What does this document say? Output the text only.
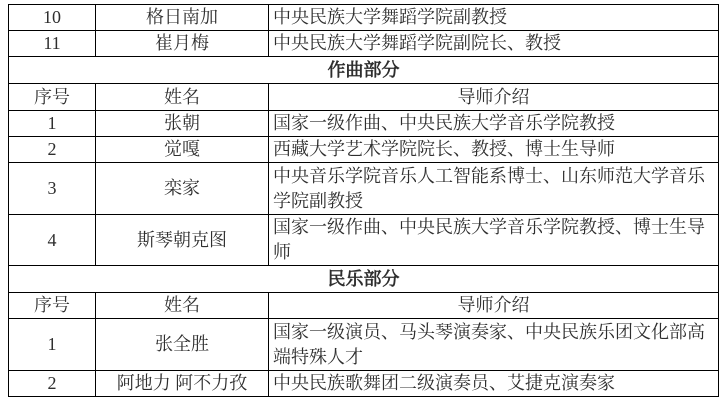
10	格日南加	中央民族大学舞蹈学院副教授
11	崔月梅	中央民族大学舞蹈学院副院长、教授
作曲部分		
序号	姓名	导师介绍
1	张朝	国家一级作曲、中央民族大学音乐学院教授
2	觉嘎	西藏大学艺术学院院长、教授、博士生导师
3	栾家	中央音乐学院音乐人工智能系博士、山东师范大学音乐学院副教授
4	斯琴朝克图	国家一级作曲、中央民族大学音乐学院教授、博士生导师
民乐部分		
序号	姓名	导师介绍
1	张全胜	国家一级演员、马头琴演奏家、中央民族乐团文化部高端特殊人才
2	阿地力 阿不力孜	中央民族歌舞团二级演奏员、艾捷克演奏家
